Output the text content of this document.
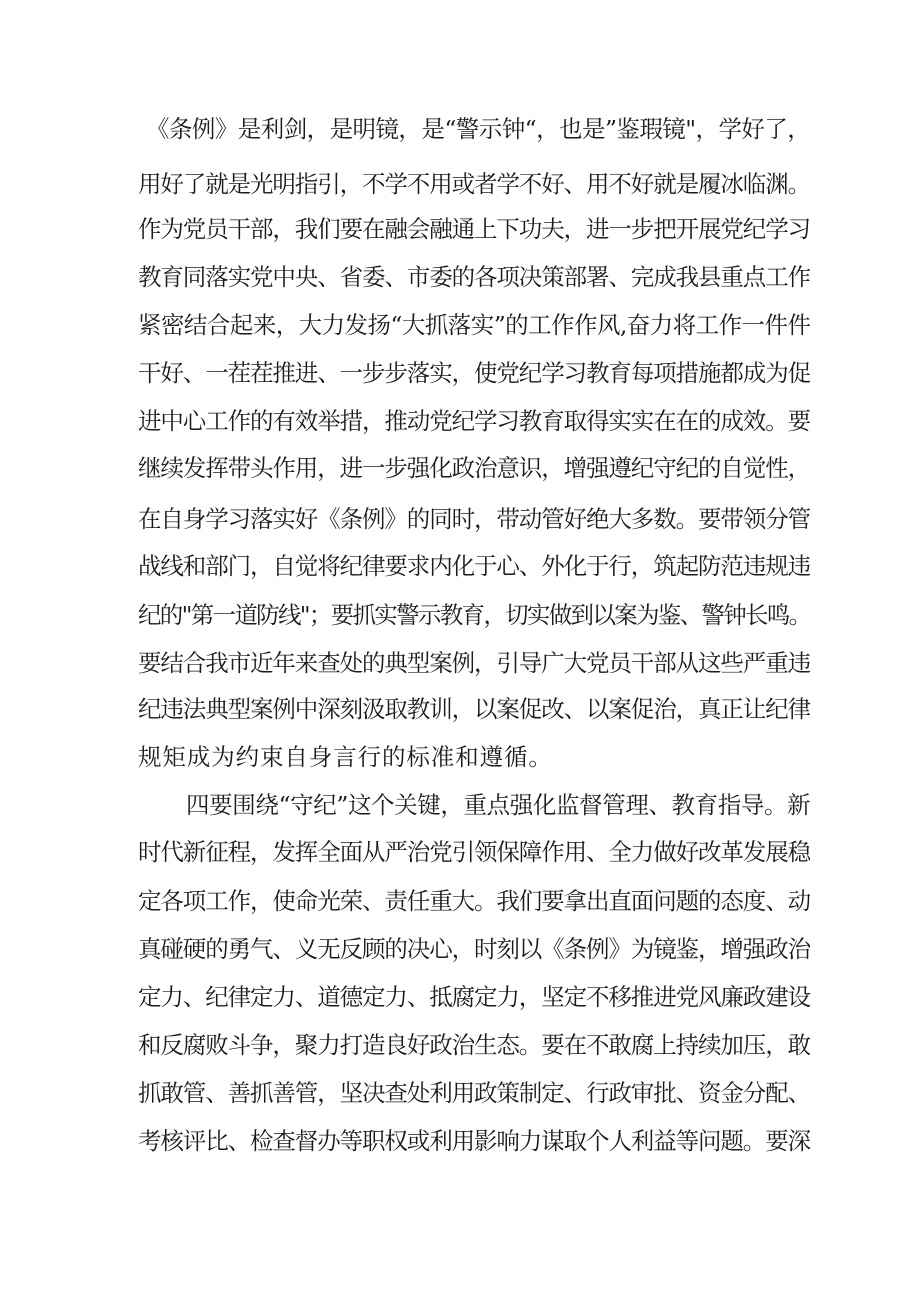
《条例》是利剑，是明镜，是“警示钟“，也是”鉴瑕镜"，学好了，
用好了就是光明指引，不学不用或者学不好、用不好就是履冰临渊。
作为党员干部，我们要在融会融通上下功夫，进一步把开展党纪学习
教育同落实党中央、省委、市委的各项决策部署、完成我县重点工作
紧密结合起来，大力发扬“大抓落实”的工作作风,奋力将工作一件件
干好、一茬茬推进、一步步落实，使党纪学习教育每项措施都成为促
进中心工作的有效举措，推动党纪学习教育取得实实在在的成效。要
继续发挥带头作用，进一步强化政治意识，增强遵纪守纪的自觉性，
在自身学习落实好《条例》的同时，带动管好绝大多数。要带领分管
战线和部门，自觉将纪律要求内化于心、外化于行，筑起防范违规违
纪的"第一道防线"；要抓实警示教育，切实做到以案为鉴、警钟长鸣。
要结合我市近年来查处的典型案例，引导广大党员干部从这些严重违
纪违法典型案例中深刻汲取教训，以案促改、以案促治，真正让纪律
规矩成为约束自身言行的标准和遵循。
四要围绕“守纪”这个关键，重点强化监督管理、教育指导。新
时代新征程，发挥全面从严治党引领保障作用、全力做好改革发展稳
定各项工作，使命光荣、责任重大。我们要拿出直面问题的态度、动
真碰硬的勇气、义无反顾的决心，时刻以《条例》为镜鉴，增强政治
定力、纪律定力、道德定力、抵腐定力，坚定不移推进党风廉政建设
和反腐败斗争，聚力打造良好政治生态。要在不敢腐上持续加压，敢
抓敢管、善抓善管，坚决查处利用政策制定、行政审批、资金分配、
考核评比、检查督办等职权或利用影响力谋取个人利益等问题。要深
